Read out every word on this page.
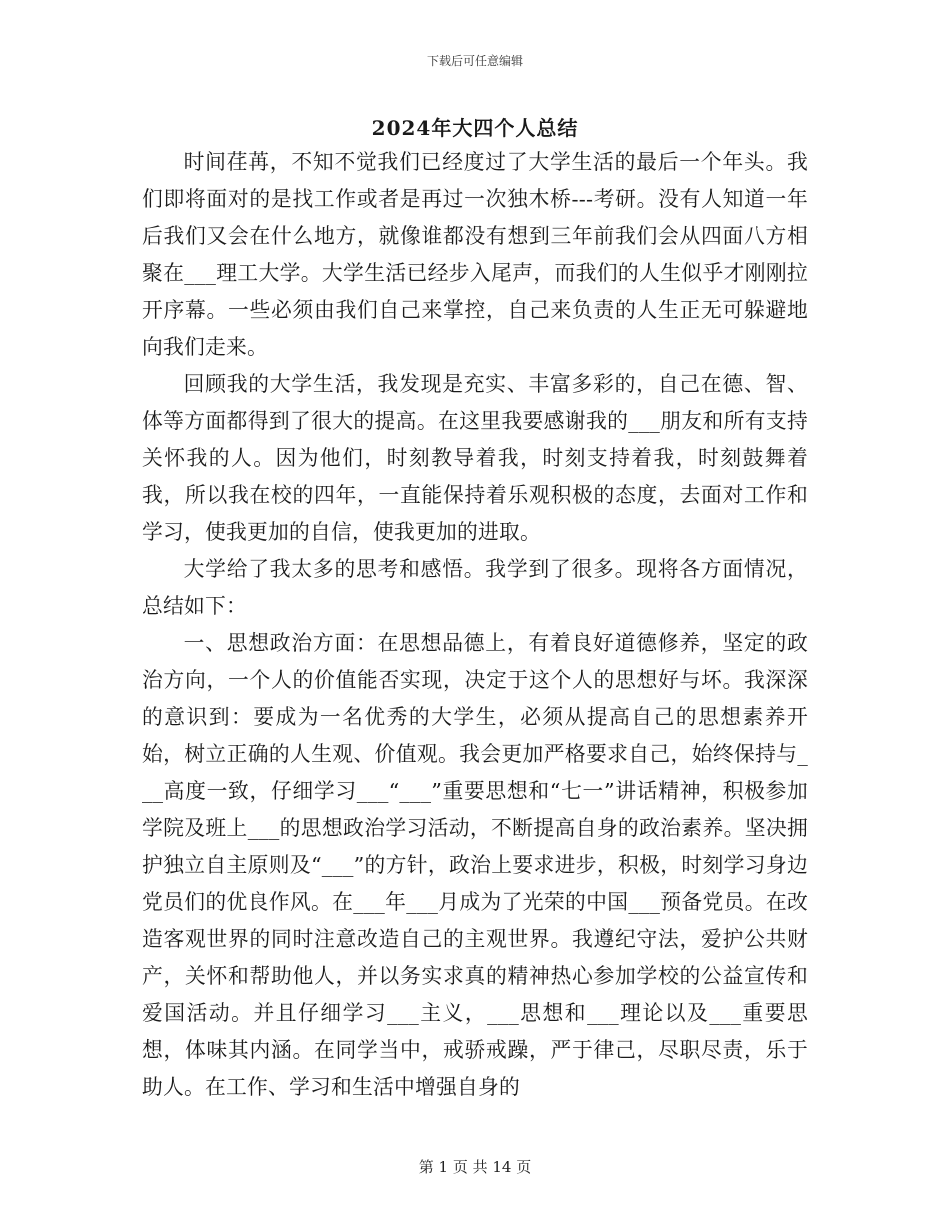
下载后可任意编辑
2024年大四个人总结

时间荏苒，不知不觉我们已经度过了大学生活的最后一个年头。我们即将面对的是找工作或者是再过一次独木桥---考研。没有人知道一年后我们又会在什么地方，就像谁都没有想到三年前我们会从四面八方相聚在___理工大学。大学生活已经步入尾声，而我们的人生似乎才刚刚拉开序幕。一些必须由我们自己来掌控，自己来负责的人生正无可躲避地向我们走来。

回顾我的大学生活，我发现是充实、丰富多彩的，自己在德、智、体等方面都得到了很大的提高。在这里我要感谢我的___朋友和所有支持关怀我的人。因为他们，时刻教导着我，时刻支持着我，时刻鼓舞着我，所以我在校的四年，一直能保持着乐观积极的态度，去面对工作和学习，使我更加的自信，使我更加的进取。

大学给了我太多的思考和感悟。我学到了很多。现将各方面情况，总结如下：

一、思想政治方面：在思想品德上，有着良好道德修养，坚定的政治方向，一个人的价值能否实现，决定于这个人的思想好与坏。我深深的意识到：要成为一名优秀的大学生，必须从提高自己的思想素养开始，树立正确的人生观、价值观。我会更加严格要求自己，始终保持与___高度一致，仔细学习___“___”重要思想和“七一”讲话精神，积极参加学院及班上___的思想政治学习活动，不断提高自身的政治素养。坚决拥护独立自主原则及“___”的方针，政治上要求进步，积极，时刻学习身边党员们的优良作风。在___年___月成为了光荣的中国___预备党员。在改造客观世界的同时注意改造自己的主观世界。我遵纪守法，爱护公共财产，关怀和帮助他人，并以务实求真的精神热心参加学校的公益宣传和爱国活动。并且仔细学习___主义，___思想和___理论以及___重要思想，体味其内涵。在同学当中，戒骄戒躁，严于律己，尽职尽责，乐于助人。在工作、学习和生活中增强自身的

第 1 页 共 14 页
